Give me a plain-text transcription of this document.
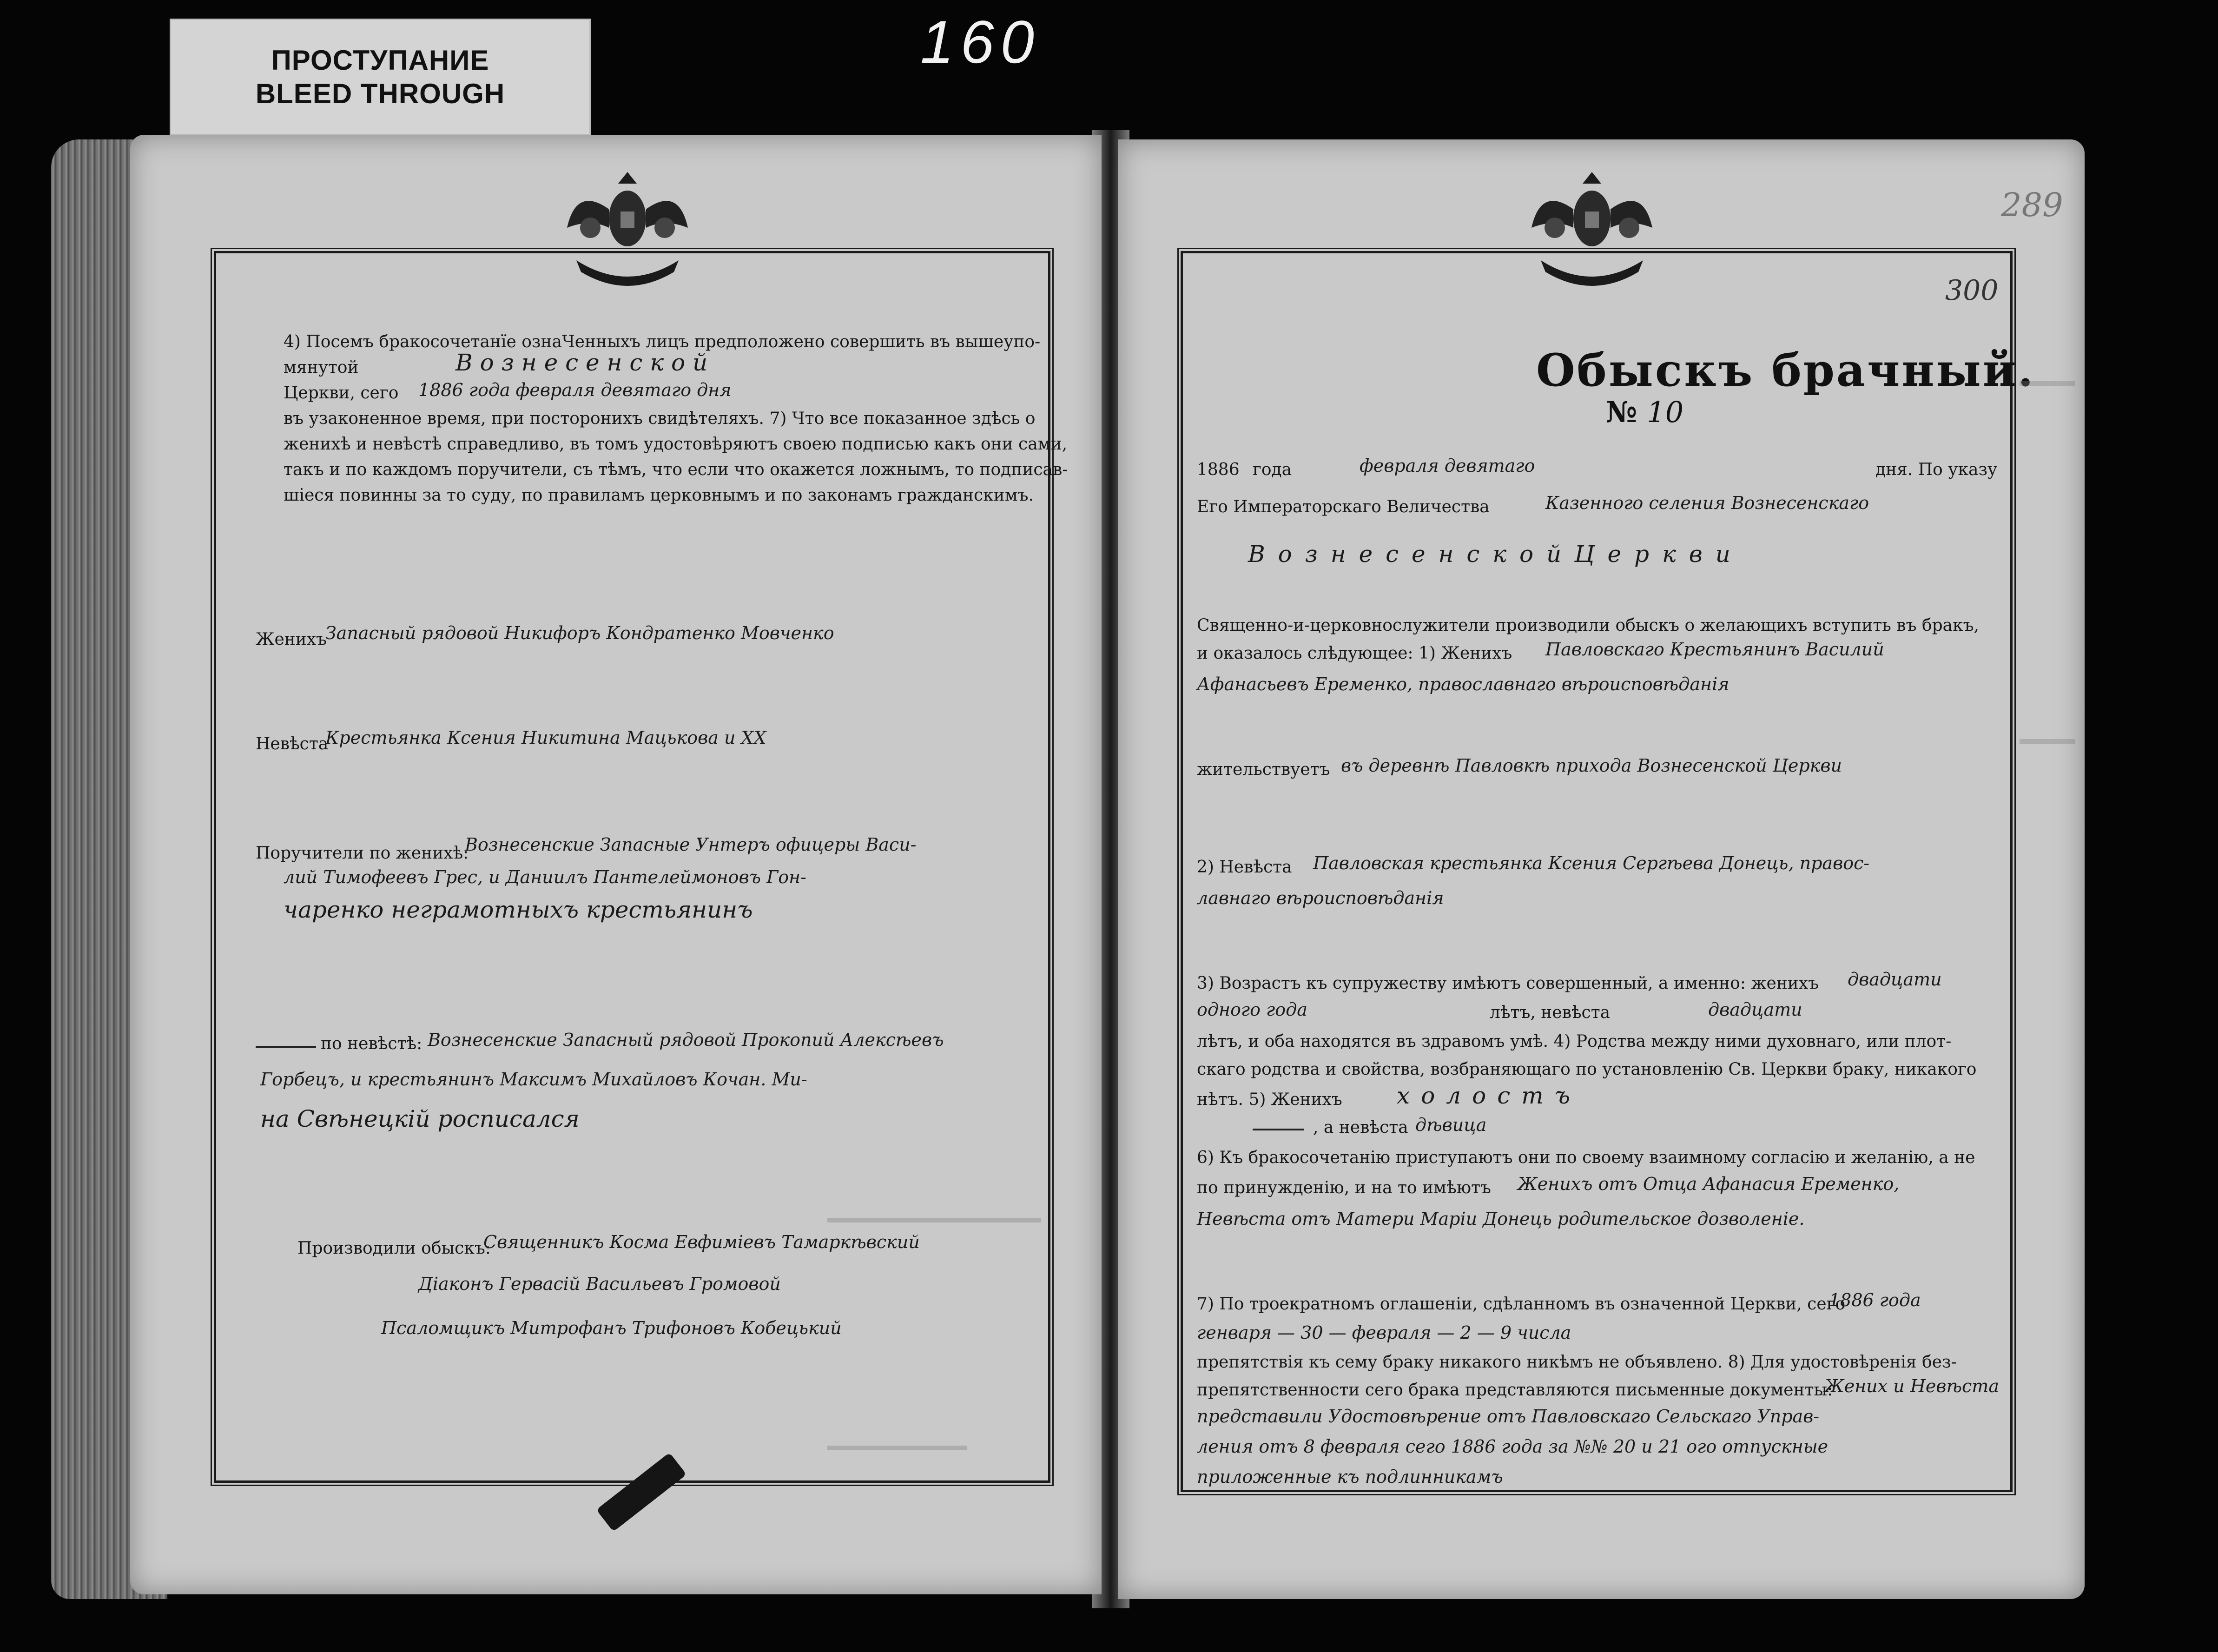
ПРОСТУПАНИЕ
BLEED THROUGH
160
4) Посемъ бракосочетанїе ознаЧенныхъ лицъ предположено совершить въ вышеупо-
мянутой	В о з н е с е н с к о й
Церкви, сего 1886 года февраля девятаго дня
въ узаконенное время, при посторонихъ свидѣтеляхъ. 7) Что все показанное здѣсь о
женихѣ и невѣстѣ справедливо, въ томъ удостовѣряютъ своею подписью какъ они сами,
такъ и по каждомъ поручители, съ тѣмъ, что если что окажется ложнымъ, то подписав-
шiеся повинны за то суду, по правиламъ церковнымъ и по законамъ гражданскимъ.
Женихъ
Запасный рядовой Никифоръ Кондратенко Мовченко
Невѣста
Крестьянка Ксения Никитина Мацькова и XX
Поручители по женихѣ:
Вознесенские Запасные Унтеръ офицеры Васи-
лий Тимофеевъ Грес, и Даниилъ Пантелеймоновъ Гон-
чаренко неграмотныхъ крестьянинъ
по невѣстѣ: Вознесенские Запасный рядовой Прокопий Алексѣевъ
Горбецъ, и крестьянинъ Максимъ Михайловъ Кочан. Ми-
на Свѣнецкiй росписался
Производили обыскъ:
Священникъ Косма Евфиміевъ Тамаркѣвский
Діаконъ Гервасій Васильевъ Громовой
Псаломщикъ Митрофанъ Трифоновъ Кобецький
289
300
Обыскъ брачный.
№ 10
1886 года	февраля девятаго	дня. По указу
Его Императорскаго Величества	Казенного селения Вознесенскаго
В о з н е с е н с к о й Ц е р к в и
Священно-и-церковнослужители производили обыскъ о желающихъ вступить въ бракъ,
и оказалось слѣдующее: 1) Женихъ Павловскаго Крестьянинъ Василий
Афанасьевъ Еременко, православнаго вѣроисповѣданія
жительствуетъ въ деревнѣ Павловкѣ прихода Вознесенской Церкви
2) Невѣста Павловская крестьянка Ксения Сергѣева Донець, правос-
лавнаго вѣроисповѣданія
3) Возрастъ къ супружеству имѣютъ совершенный, а именно: женихъ двадцати
одного года	лѣтъ, невѣста	двадцати
лѣтъ, и оба находятся въ здравомъ умѣ. 4) Родства между ними духовнаго, или плот-
скаго родства и свойства, возбраняющаго по установленію Св. Церкви браку, никакого
нѣтъ. 5) Женихъ холостъ
, а невѣста дѣвица
6) Къ бракосочетанію приступаютъ они по своему взаимному согласію и желанію, а не
по принужденію, и на то имѣютъ Женихъ отъ Отца Афанасия Еременко,
Невѣста отъ Матери Марiи Донець родительское дозволенiе.
7) По троекратномъ оглашенiи, сдѣланномъ въ означенной Церкви, сего
1886 года
генваря — 30 — февраля — 2 — 9 числа
препятствiя къ сему браку никакого никѣмъ не объявлено. 8) Для удостовѣренiя без-
препятственности сего брака представляются письменные документы:
Жених и Невѣста
представили Удостовѣрение отъ Павловскаго Сельскаго Управ-
ления отъ 8 февраля сего 1886 года за №№ 20 и 21 ого отпускные
приложенные къ подлинникамъ
